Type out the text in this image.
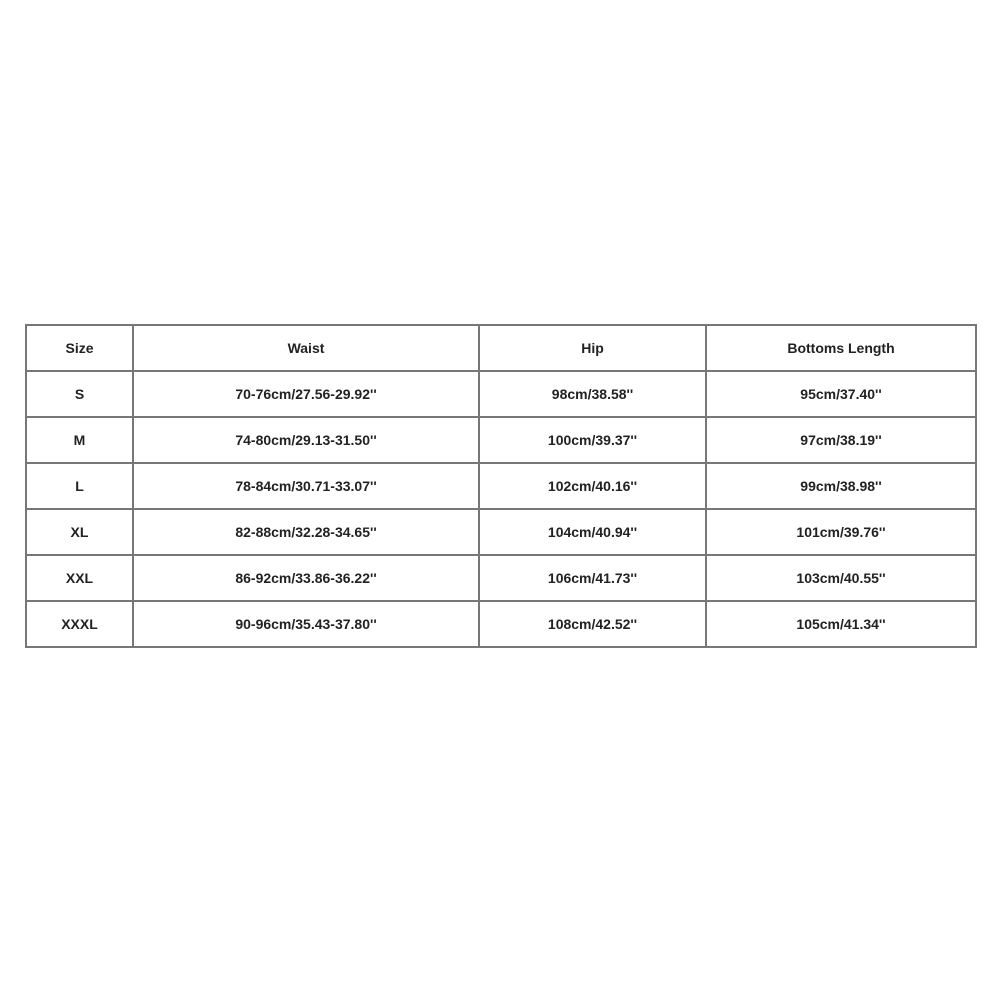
Size	Waist	Hip	Bottoms Length
S	70-76cm/27.56-29.92''	98cm/38.58''	95cm/37.40''
M	74-80cm/29.13-31.50''	100cm/39.37''	97cm/38.19''
L	78-84cm/30.71-33.07''	102cm/40.16''	99cm/38.98''
XL	82-88cm/32.28-34.65''	104cm/40.94''	101cm/39.76''
XXL	86-92cm/33.86-36.22''	106cm/41.73''	103cm/40.55''
XXXL	90-96cm/35.43-37.80''	108cm/42.52''	105cm/41.34''
